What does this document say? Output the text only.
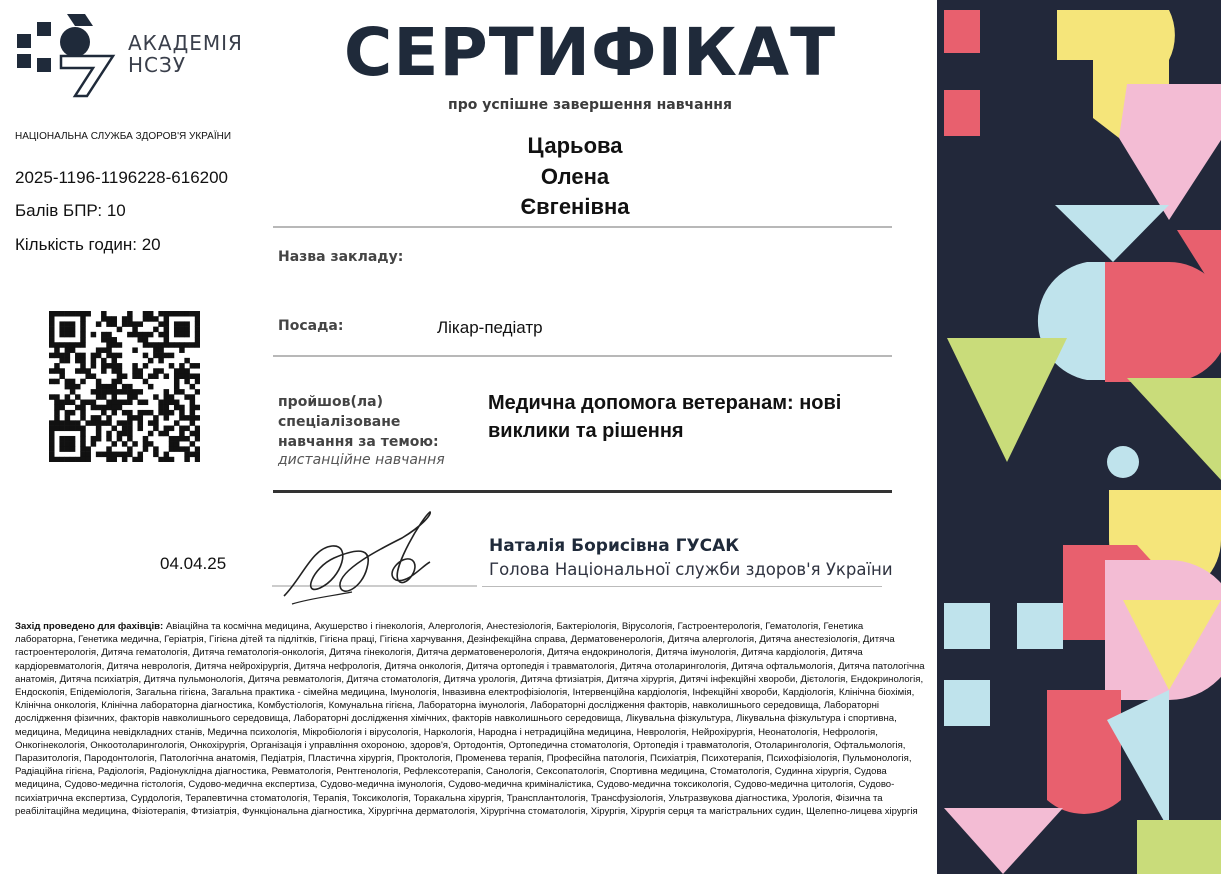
АКАДЕМІЯ
НСЗУ	СЕРТИФІКАТ
про успішне завершення навчання
НАЦІОНАЛЬНА СЛУЖБА ЗДОРОВ'Я УКРАЇНИ
2025-1196-1196228-616200
Балів БПР: 10
Кількість годин: 20
Царьова
Олена
Євгенівна
Назва закладу:
Посада:	Лікар-педіатр
пройшов(ла)
спеціалізоване
навчання за темою:
дистанційне навчання
Медична допомога ветеранам: нові виклики та рішення
04.04.25
Наталія Борисівна ГУСАК
Голова Національної служби здоров'я України
Захід проведено для фахівців: Авіаційна та космічна медицина, Акушерство і гінекологія, Алергологія, Анестезіологія, Бактеріологія, Вірусологія, Гастроентерологія, Гематологія, Генетика лабораторна, Генетика медична, Геріатрія, Гігієна дітей та підлітків, Гігієна праці, Гігієна харчування, Дезінфекційна справа, Дерматовенерологія, Дитяча алергологія, Дитяча анестезіологія, Дитяча гастроентерологія, Дитяча гематологія, Дитяча гематологія-онкологія, Дитяча гінекологія, Дитяча дерматовенерологія, Дитяча ендокринологія, Дитяча імунологія, Дитяча кардіологія, Дитяча кардіоревматологія, Дитяча неврологія, Дитяча нейрохірургія, Дитяча нефрологія, Дитяча онкологія, Дитяча ортопедія і травматологія, Дитяча отоларингологія, Дитяча офтальмологія, Дитяча патологічна анатомія, Дитяча психіатрія, Дитяча пульмонологія, Дитяча ревматологія, Дитяча стоматологія, Дитяча урологія, Дитяча фтизіатрія, Дитяча хірургія, Дитячі інфекційні хвороби, Дієтологія, Ендокринологія, Ендоскопія, Епідеміологія, Загальна гігієна, Загальна практика - сімейна медицина, Імунологія, Інвазивна електрофізіологія, Інтервенційна кардіологія, Інфекційні хвороби, Кардіологія, Клінічна біохімія, Клінічна онкологія, Клінічна лабораторна діагностика, Комбустіологія, Комунальна гігієна, Лабораторна імунологія, Лабораторні дослідження факторів, навколишнього середовища, Лабораторні дослідження фізичних, факторів навколишнього середовища, Лабораторні дослідження хімічних, факторів навколишнього середовища, Лікувальна фізкультура, Лікувальна фізкультура і спортивна, медицина, Медицина невідкладних станів, Медична психологія, Мікробіологія і вірусологія, Наркологія, Народна і нетрадиційна медицина, Неврологія, Нейрохірургія, Неонатологія, Нефрологія, Онкогінекологія, Онкоотоларингологія, Онкохірургія, Організація і управління охороною, здоров'я, Ортодонтія, Ортопедична стоматологія, Ортопедія і травматологія, Отоларингологія, Офтальмологія, Паразитологія, Пародонтологія, Патологічна анатомія, Педіатрія, Пластична хірургія, Проктологія, Променева терапія, Професійна патологія, Психіатрія, Психотерапія, Психофізіологія, Пульмонологія, Радіаційна гігієна, Радіологія, Радіонуклідна діагностика, Ревматологія, Рентгенологія, Рефлексотерапія, Санологія, Сексопатологія, Спортивна медицина, Стоматологія, Судинна хірургія, Судова медицина, Судово-медична гістологія, Судово-медична експертиза, Судово-медична імунологія, Судово-медична криміналістика, Судово-медична токсикологія, Судово-медична цитологія, Судово-психіатрична експертиза, Сурдологія, Терапевтична стоматологія, Терапія, Токсикологія, Торакальна хірургія, Трансплантологія, Трансфузіологія, Ультразвукова діагностика, Урологія, Фізична та реабілітаційна медицина, Фізіотерапія, Фтизіатрія, Функціональна діагностика, Хірургічна дерматологія, Хірургічна стоматологія, Хірургія, Хірургія серця та магістральних судин, Щелепно-лицева хірургія
